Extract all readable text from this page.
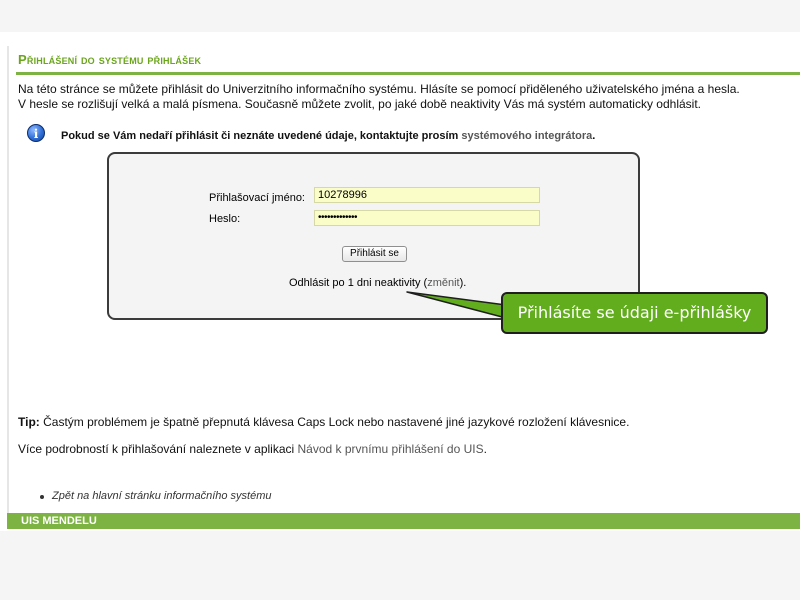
Přihlášení do systému přihlášek

Na této stránce se můžete přihlásit do Univerzitního informačního systému. Hlásíte se pomocí přiděleného uživatelského jména a hesla.

V hesle se rozlišují velká a malá písmena. Současně můžete zvolit, po jaké době neaktivity Vás má systém automaticky odhlásit.

i	Pokud se Vám nedaří přihlásit či neznáte uvedené údaje, kontaktujte prosím systémového integrátora.
Přihlašovací jméno:	10278996
Heslo:	•••••••••••••
Přihlásit se
Odhlásit po 1 dni neaktivity (změnit).
Tip: Častým problémem je špatně přepnutá klávesa Caps Lock nebo nastavené jiné jazykové rozložení klávesnice.
Více podrobností k přihlašování naleznete v aplikaci Návod k prvnímu přihlášení do UIS.
Zpět na hlavní stránku informačního systému
UIS MENDELU
Přihlásíte se údaji e-přihlášky
